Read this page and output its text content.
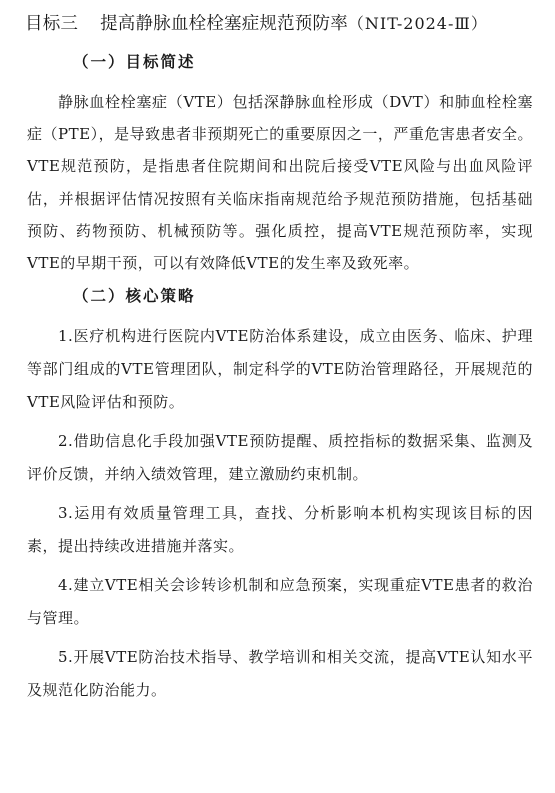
目标三 提高静脉血栓栓塞症规范预防率（NIT-2024-Ⅲ）
（一）目标简述

静脉血栓栓塞症（VTE）包括深静脉血栓形成（DVT）和肺血栓栓塞症（PTE），是导致患者非预期死亡的重要原因之一，严重危害患者安全。VTE规范预防，是指患者住院期间和出院后接受VTE风险与出血风险评估，并根据评估情况按照有关临床指南规范给予规范预防措施，包括基础预防、药物预防、机械预防等。强化质控，提高VTE规范预防率，实现VTE的早期干预，可以有效降低VTE的发生率及致死率。

（二）核心策略

1.医疗机构进行医院内VTE防治体系建设，成立由医务、临床、护理等部门组成的VTE管理团队，制定科学的VTE防治管理路径，开展规范的VTE风险评估和预防。

2.借助信息化手段加强VTE预防提醒、质控指标的数据采集、监测及评价反馈，并纳入绩效管理，建立激励约束机制。

3.运用有效质量管理工具，查找、分析影响本机构实现该目标的因素，提出持续改进措施并落实。

4.建立VTE相关会诊转诊机制和应急预案，实现重症VTE患者的救治与管理。

5.开展VTE防治技术指导、教学培训和相关交流，提高VTE认知水平及规范化防治能力。
